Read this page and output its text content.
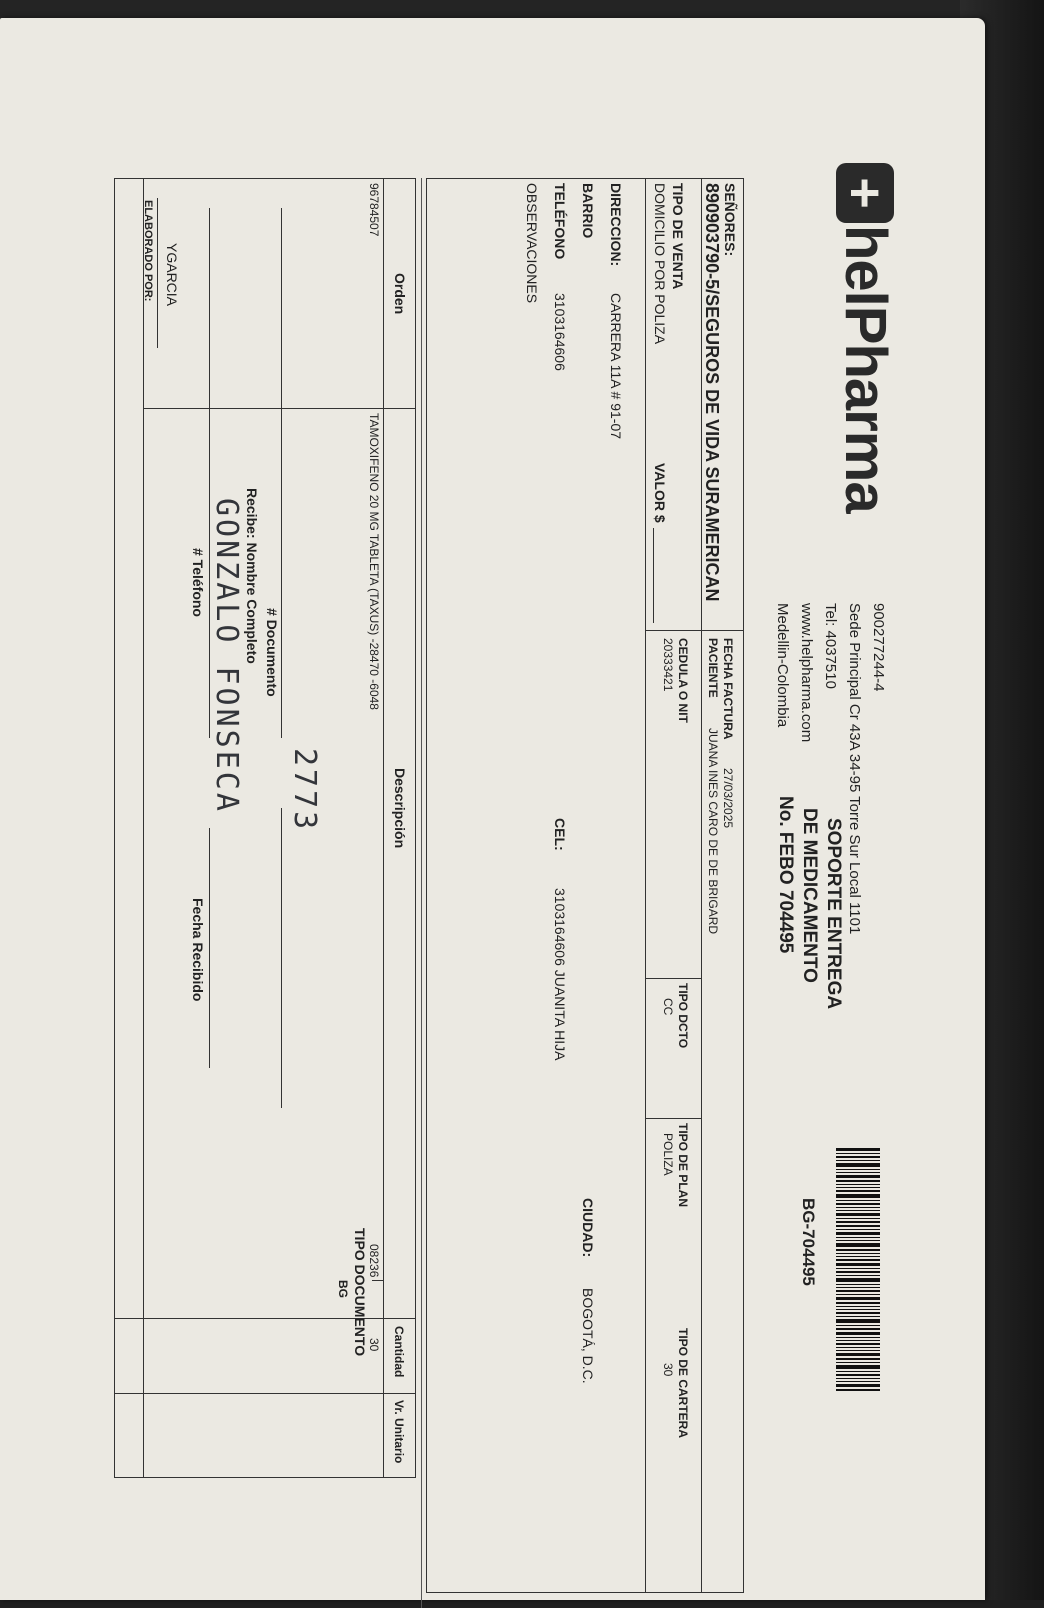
+
helPharma
900277244-4
Sede Principal Cr 43A 34-95 Torre Sur Local 1101
Tel: 4037510
www.helpharma.com
Medellin-Colombia
SOPORTE ENTREGA
DE MEDICAMENTO
No. FEBO 704495
BG-704495
SEÑORES:
890903790-5/SEGUROS DE VIDA SURAMERICAN
FECHA FACTURA
27/03/2025
PACIENTE
JUANA INES CARO DE DE BRIGARD
TIPO DE VENTA
DOMICILIO POR POLIZA
VALOR $
CEDULA O NIT
20333421
TIPO DCTO
CC
TIPO DE PLAN
POLIZA
TIPO DE CARTERA
30
DIRECCION:
CARRERA 11A # 91-07
BARRIO
CIUDAD:
BOGOTÁ, D.C.
TELÉFONO
3103164606
CEL:
3103164606 JUANITA HIJA
OBSERVACIONES
Orden
Descripción
Cantidad
Vr. Unitario
96784507
TAMOXIFENO 20 MG TABLETA (TAXUS) -28470 -6048
08236
30
TIPO DOCUMENTO
BG
2773
# Documento
Recibe: Nombre Completo
GONZALO FONSECA
# Teléfono
Fecha Recibido
YGARCIA
ELABORADO POR:
